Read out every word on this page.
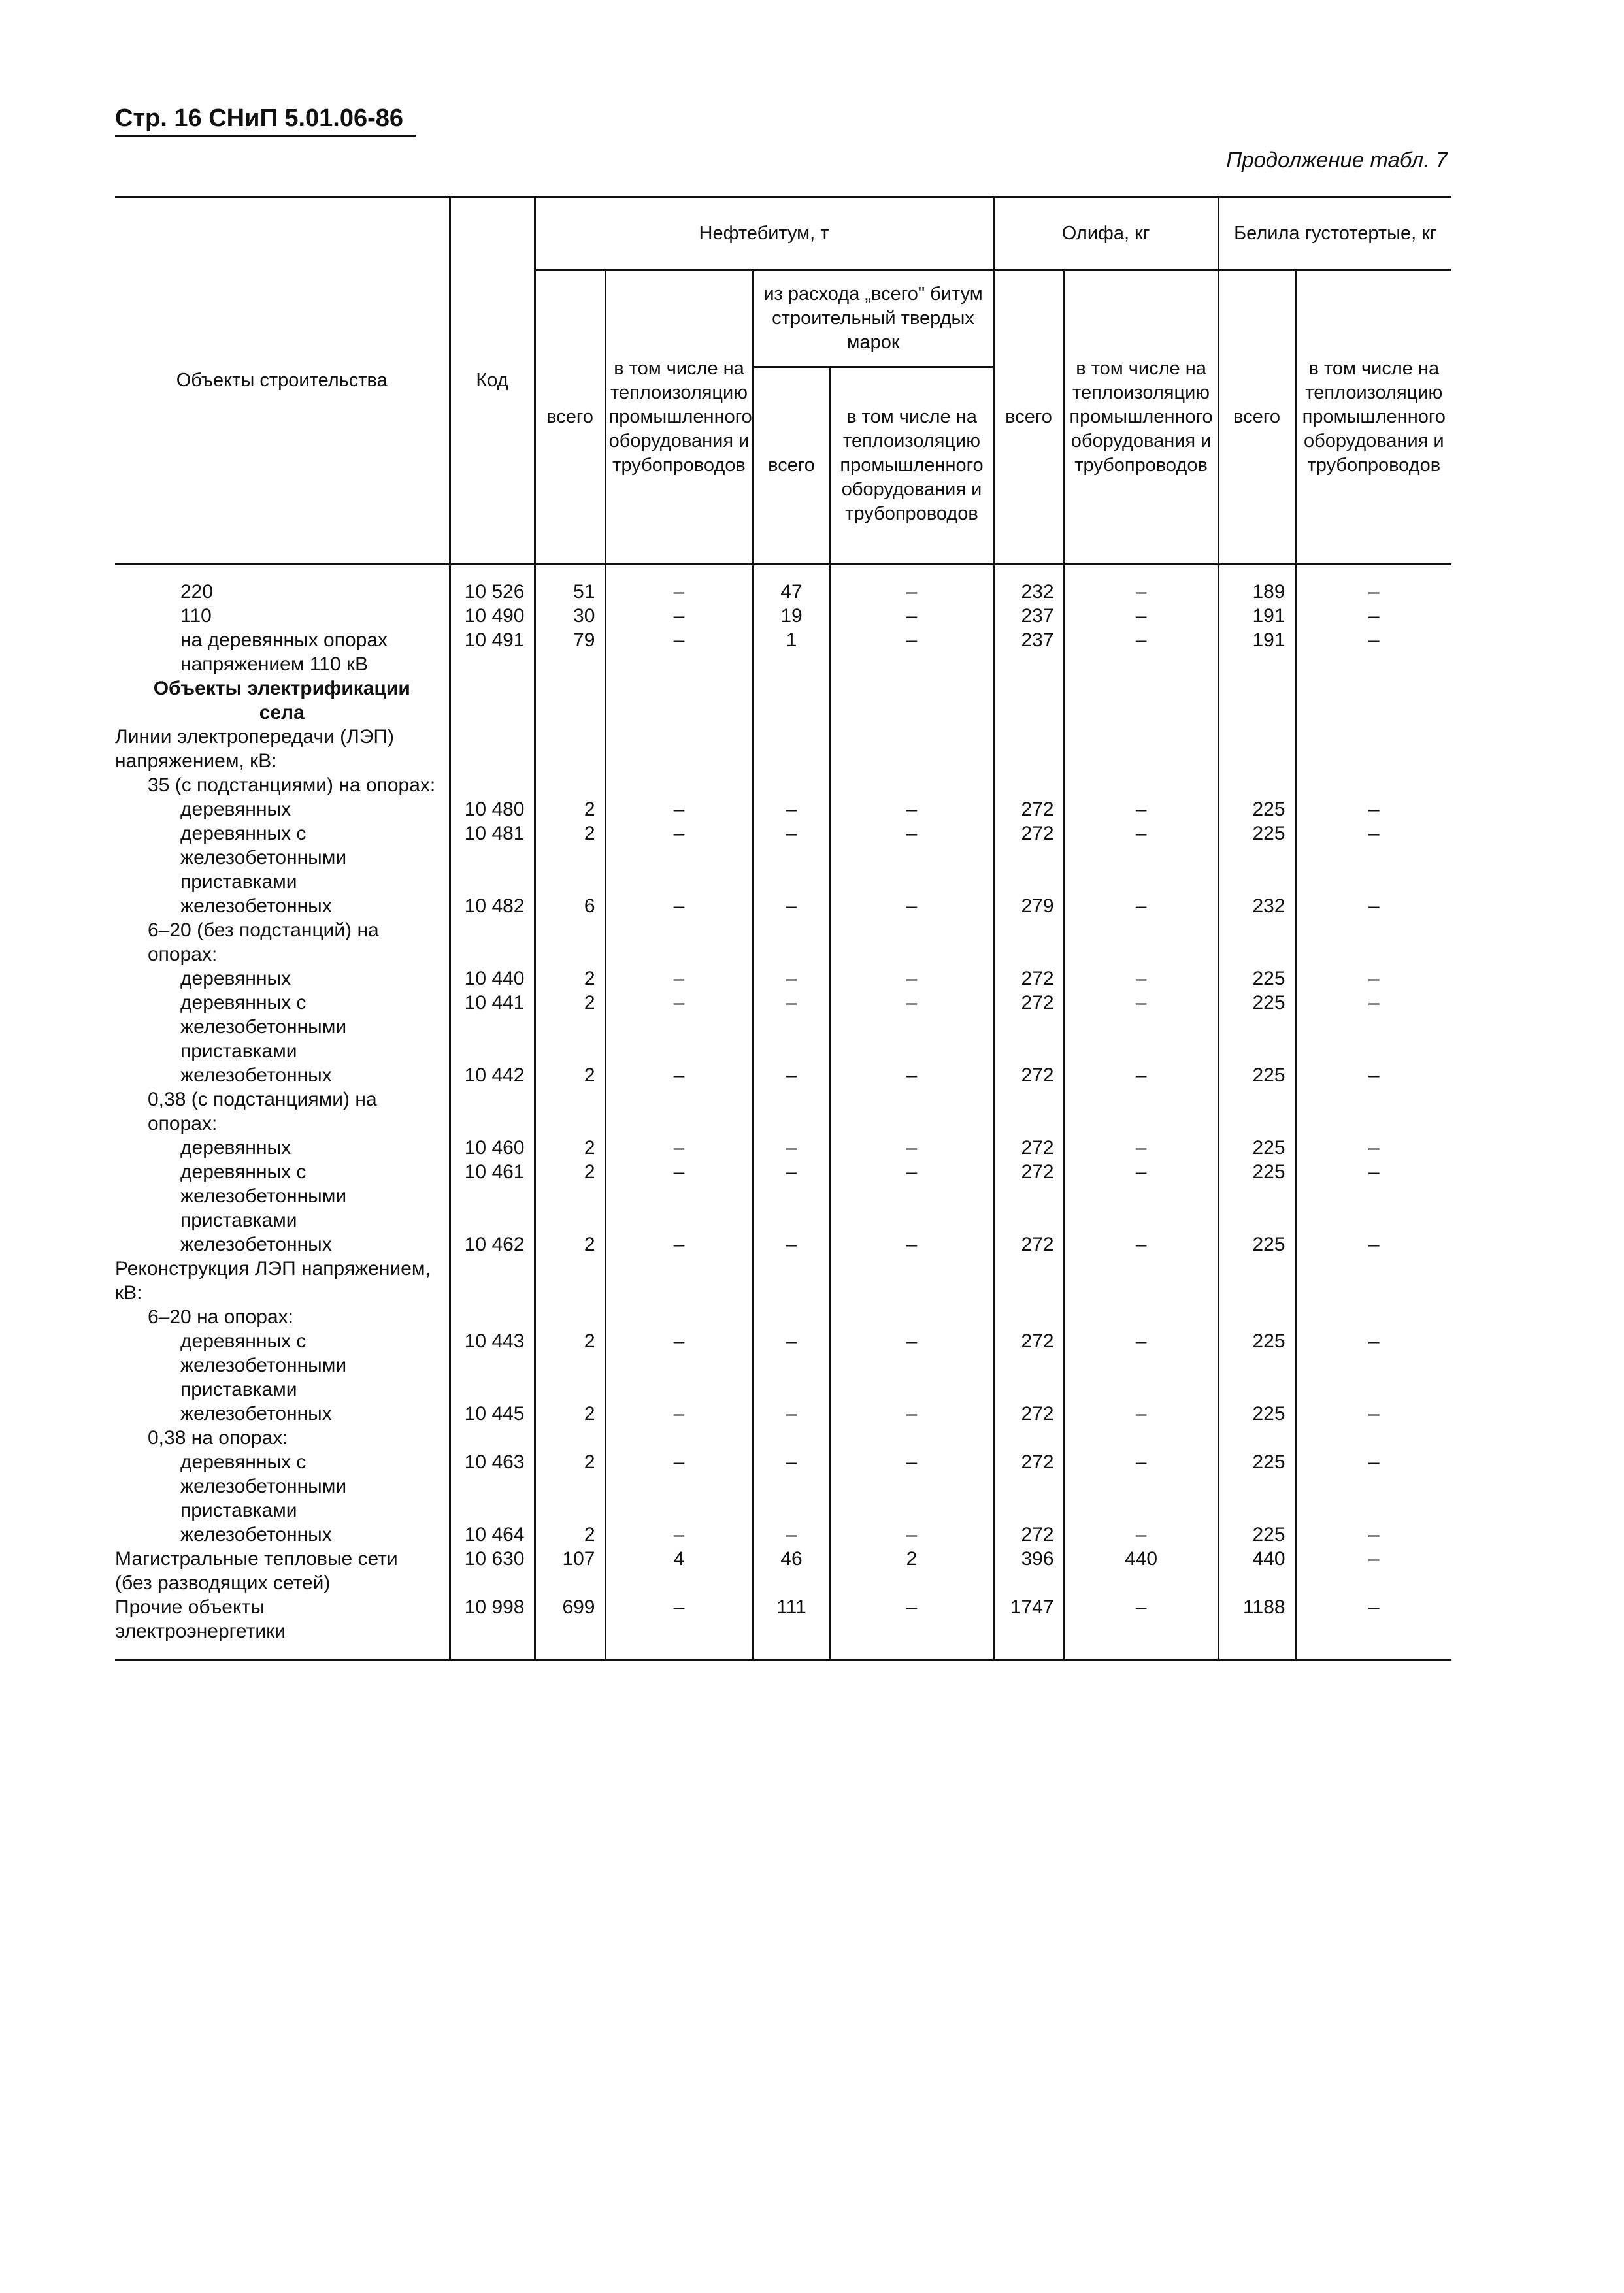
Стр. 16 СНиП 5.01.06-86
Продолжение табл. 7
Объекты строительства	Код	Нефтебитум, т				Олифа, кг		Белила густотертые, кг	
		всего	в том числе на теплоизоляцию промышленного оборудования и трубопроводов	из расхода „всего" битум строительный твердых марок		всего	в том числе на теплоизоляцию промышленного оборудования и трубопроводов	всего	в том числе на теплоизоляцию промышленного оборудования и трубопроводов
				всего	в том числе на теплоизоляцию промышленного оборудования и трубопроводов				

220	10 526	51	–	47	–	232	–	189	–
110	10 490	30	–	19	–	237	–	191	–
на деревянных опорах напряжением 110 кВ	10 491	79	–	1	–	237	–	191	–
Объекты электрификации села									
Линии электропередачи (ЛЭП) напряжением, кВ:									
35 (с подстанциями) на опорах:									
деревянных	10 480	2	–	–	–	272	–	225	–
деревянных с железобетонными приставками	10 481	2	–	–	–	272	–	225	–
железобетонных	10 482	6	–	–	–	279	–	232	–
6–20 (без подстанций) на опорах:									
деревянных	10 440	2	–	–	–	272	–	225	–
деревянных с железобетонными приставками	10 441	2	–	–	–	272	–	225	–
железобетонных	10 442	2	–	–	–	272	–	225	–
0,38 (с подстанциями) на опорах:									
деревянных	10 460	2	–	–	–	272	–	225	–
деревянных с железобетонными приставками	10 461	2	–	–	–	272	–	225	–
железобетонных	10 462	2	–	–	–	272	–	225	–
Реконструкция ЛЭП напряжением, кВ:									
6–20 на опорах:									
деревянных с железобетонными приставками	10 443	2	–	–	–	272	–	225	–
железобетонных	10 445	2	–	–	–	272	–	225	–
0,38 на опорах:									
деревянных с железобетонными приставками	10 463	2	–	–	–	272	–	225	–
железобетонных	10 464	2	–	–	–	272	–	225	–
Магистральные тепловые сети (без разводящих сетей)	10 630	107	4	46	2	396	440	440	–
Прочие объекты электроэнергетики	10 998	699	–	111	–	1747	–	1188	–
